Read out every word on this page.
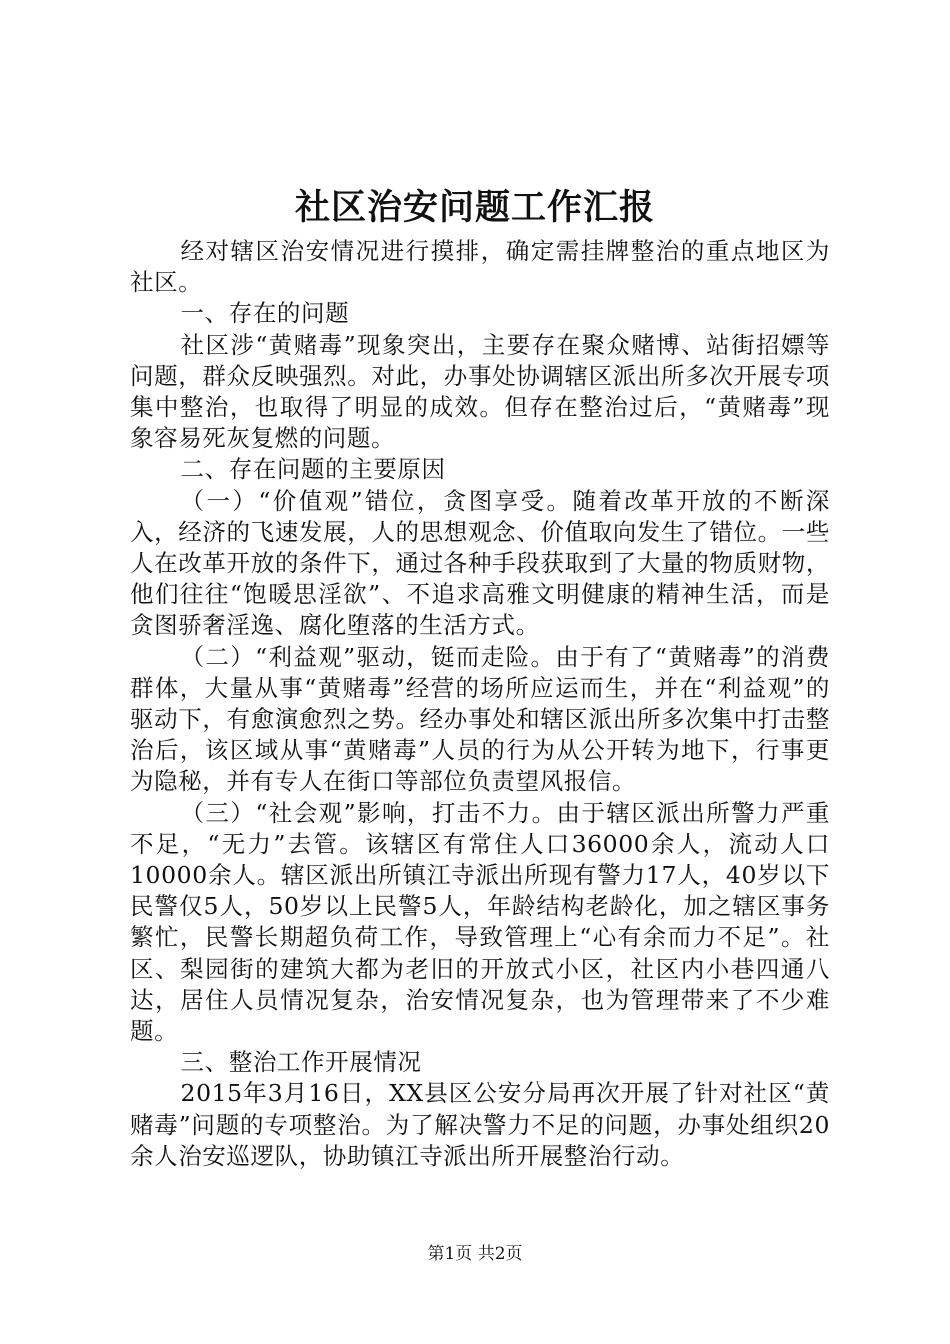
社区治安问题工作汇报

经对辖区治安情况进行摸排，确定需挂牌整治的重点地区为社区。

一、存在的问题

社区涉“黄赌毒”现象突出，主要存在聚众赌博、站街招嫖等问题，群众反映强烈。对此，办事处协调辖区派出所多次开展专项集中整治，也取得了明显的成效。但存在整治过后，“黄赌毒”现象容易死灰复燃的问题。

二、存在问题的主要原因

（一）“价值观”错位，贪图享受。随着改革开放的不断深入，经济的飞速发展，人的思想观念、价值取向发生了错位。一些人在改革开放的条件下，通过各种手段获取到了大量的物质财物，他们往往“饱暖思淫欲”、不追求高雅文明健康的精神生活，而是贪图骄奢淫逸、腐化堕落的生活方式。

（二）“利益观”驱动，铤而走险。由于有了“黄赌毒”的消费群体，大量从事“黄赌毒”经营的场所应运而生，并在“利益观”的驱动下，有愈演愈烈之势。经办事处和辖区派出所多次集中打击整治后，该区域从事“黄赌毒”人员的行为从公开转为地下，行事更为隐秘，并有专人在街口等部位负责望风报信。

（三）“社会观”影响，打击不力。由于辖区派出所警力严重不足，“无力”去管。该辖区有常住人口36000余人，流动人口10000余人。辖区派出所镇江寺派出所现有警力17人，40岁以下民警仅5人，50岁以上民警5人，年龄结构老龄化，加之辖区事务繁忙，民警长期超负荷工作，导致管理上“心有余而力不足”。社区、梨园街的建筑大都为老旧的开放式小区，社区内小巷四通八达，居住人员情况复杂，治安情况复杂，也为管理带来了不少难题。

三、整治工作开展情况

2015年3月16日，XX县区公安分局再次开展了针对社区“黄赌毒”问题的专项整治。为了解决警力不足的问题，办事处组织20余人治安巡逻队，协助镇江寺派出所开展整治行动。

第1页 共2页
